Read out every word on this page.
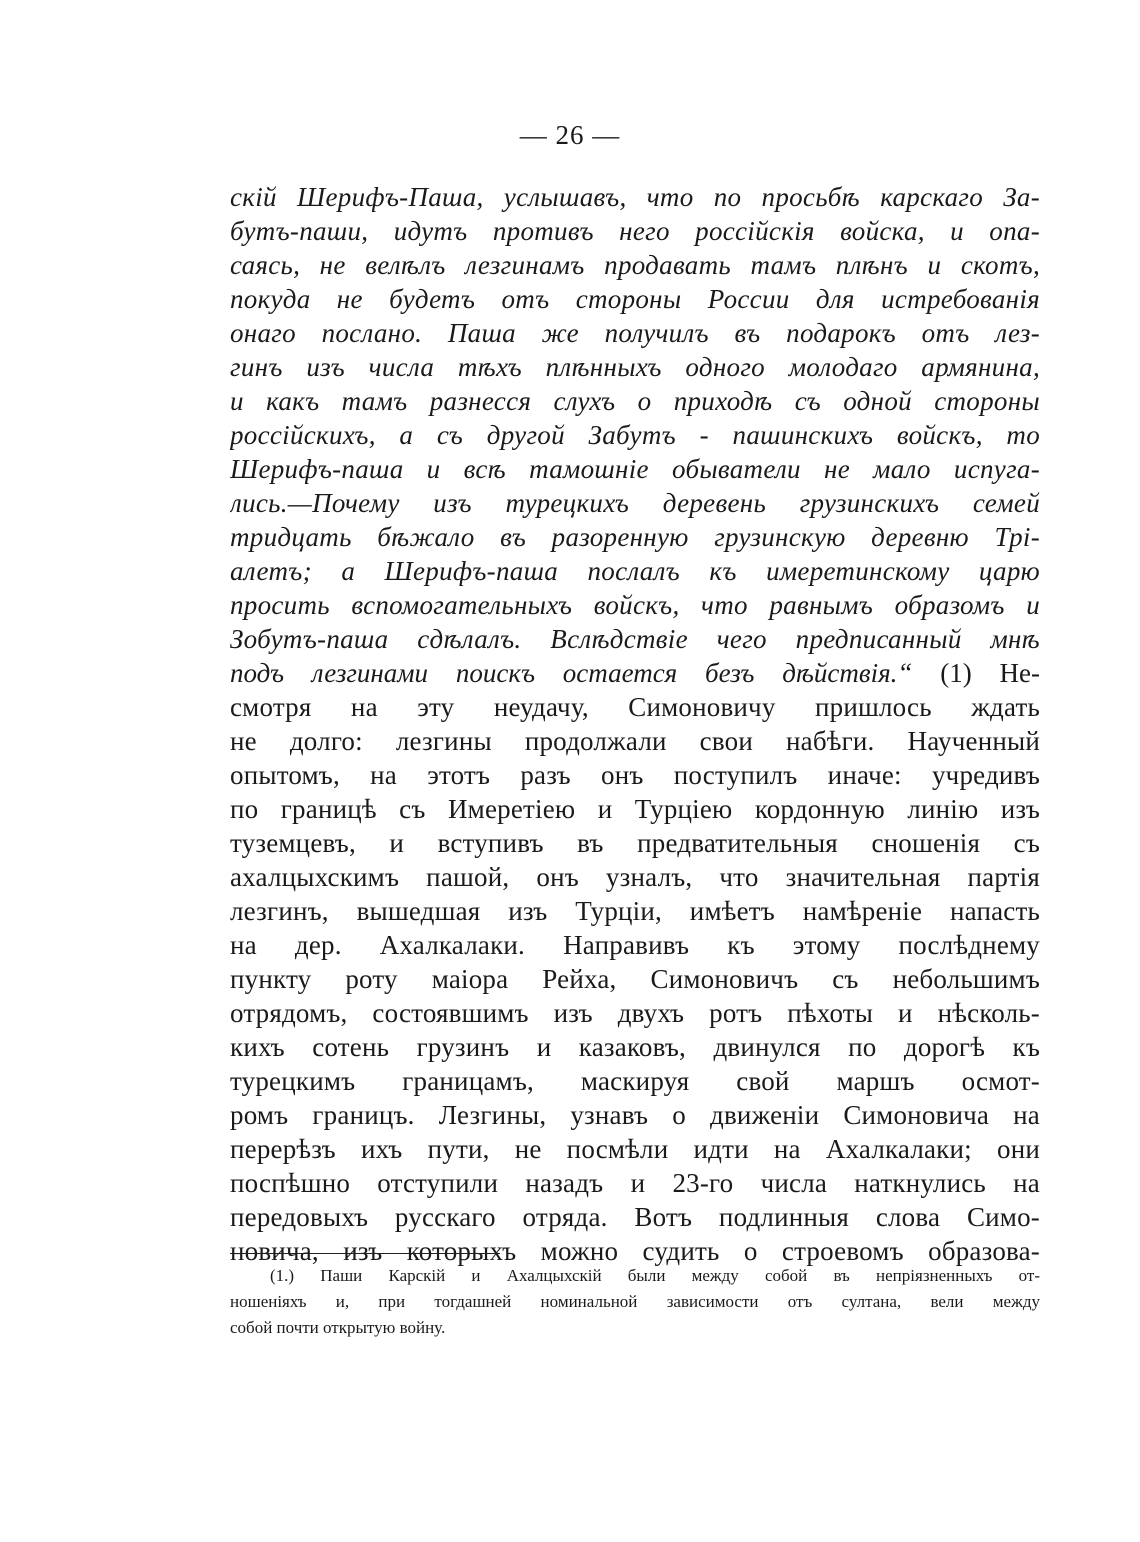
— 26 —
скій Шерифъ-Паша, услышавъ, что по просьбѣ карскаго За-
бутъ-паши, идутъ противъ него россійскія войска, и опа-
саясь, не велѣлъ лезгинамъ продавать тамъ плѣнъ и скотъ,
покуда не будетъ отъ стороны России для истребованія
онаго послано. Паша же получилъ въ подарокъ отъ лез-
гинъ изъ числа тѣхъ плѣнныхъ одного молодаго армянина,
и какъ тамъ разнесся слухъ о приходѣ съ одной стороны
россійскихъ, а съ другой Забутъ - пашинскихъ войскъ, то
Шерифъ-паша и всѣ тамошніе обыватели не мало испуга-
лись.—Почему изъ турецкихъ деревень грузинскихъ семей
тридцать бѣжало въ разоренную грузинскую деревню Трі-
алетъ; а Шерифъ-паша послалъ къ имеретинскому царю
просить вспомогательныхъ войскъ, что равнымъ образомъ и
Зобутъ-паша сдѣлалъ. Вслѣдствіе чего предписанный мнѣ
подъ лезгинами поискъ остается безъ дѣйствія.“ (1) Не-
смотря на эту неудачу, Симоновичу пришлось ждать
не долго: лезгины продолжали свои набѣги. Наученный
опытомъ, на этотъ разъ онъ поступилъ иначе: учредивъ
по границѣ съ Имеретіею и Турціею кордонную линію изъ
туземцевъ, и вступивъ въ предватительныя сношенія съ
ахалцыхскимъ пашой, онъ узналъ, что значительная партія
лезгинъ, вышедшая изъ Турціи, имѣетъ намѣреніе напасть
на дер. Ахалкалаки. Направивъ къ этому послѣднему
пункту роту маіора Рейха, Симоновичъ съ небольшимъ
отрядомъ, состоявшимъ изъ двухъ ротъ пѣхоты и нѣсколь-
кихъ сотень грузинъ и казаковъ, двинулся по дорогѣ къ
турецкимъ границамъ, маскируя свой маршъ осмот-
ромъ границъ. Лезгины, узнавъ о движеніи Симоновича на
перерѣзъ ихъ пути, не посмѣли идти на Ахалкалаки; они
поспѣшно отступили назадъ и 23-го числа наткнулись на
передовыхъ русскаго отряда. Вотъ подлинныя слова Симо-
новича, изъ которыхъ можно судить о строевомъ образова-
(1.) Паши Карскій и Ахалцыхскій были между собой въ непріязненныхъ от-
ношеніяхъ и, при тогдашней номинальной зависимости отъ султана, вели между
собой почти открытую войну.
